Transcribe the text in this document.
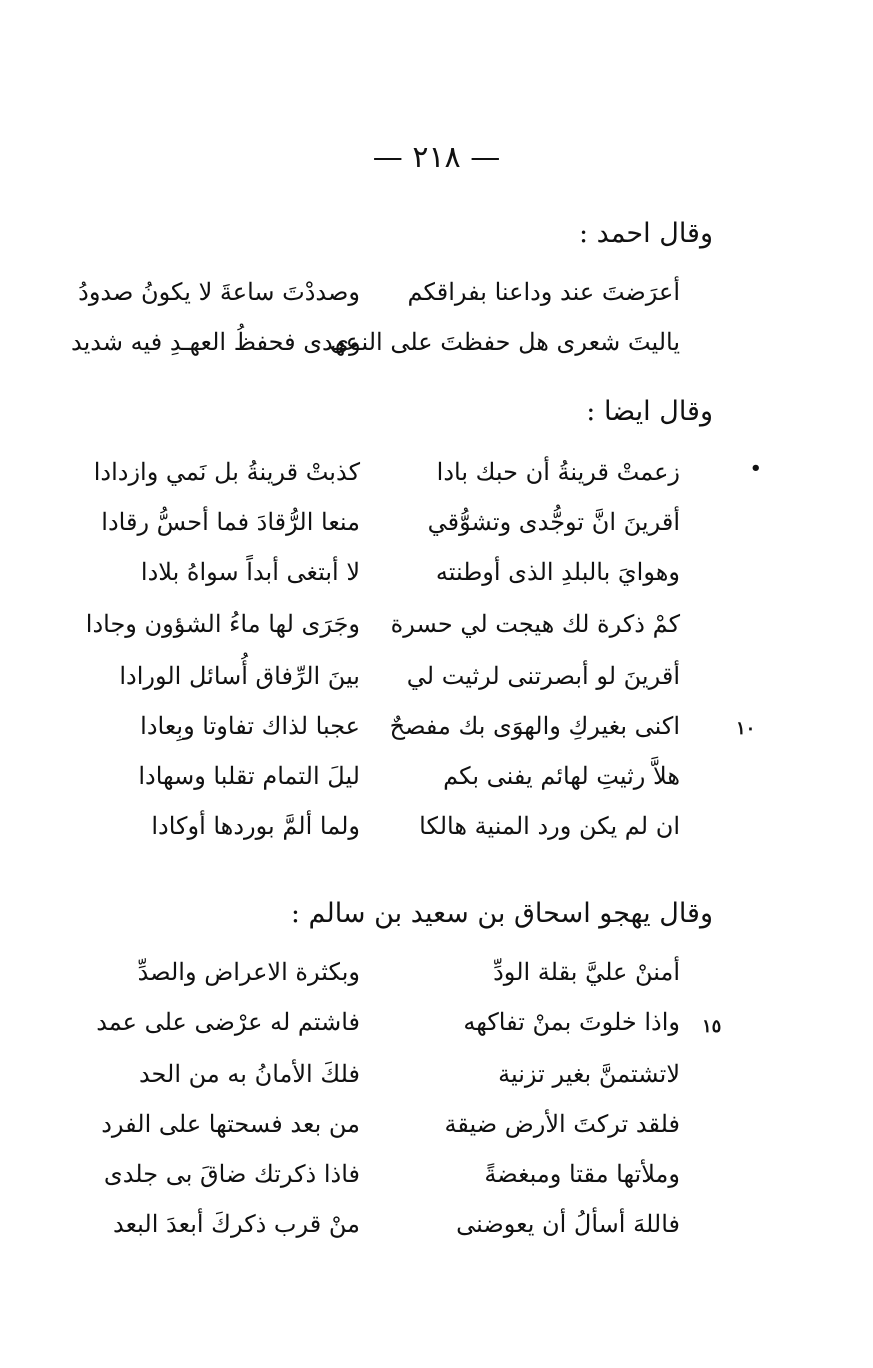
— ٢١٨ —
وقال احمد :
أعرَضتَ عند وداعنا بفراقكم
وصددْتَ ساعةَ لا يكونُ صدودُ
ياليتَ شعرى هل حفظتَ على النوى
عهدى فحفظُ العهـدِ فيه شديد
وقال ايضا :
زعمتْ قرينةُ أن حبك بادا
كذبتْ قرينةُ بل نَمي وازدادا
أقرينَ انَّ توجُّدى وتشوُّقي
منعا الرُّقادَ فما أحسُّ رقادا
وهوايَ بالبلدِ الذى أوطنته
لا أبتغى أبداً سواهُ بلادا
كمْ ذكرة لك هيجت لي حسرة
وجَرَى لها ماءُ الشؤون وجادا
أقرينَ لو أبصرتنى لرثيت لي
بينَ الرِّفاق أُسائل الورادا
اكنى بغيركِ والهوَى بك مفصحٌ
عجبا لذاك تفاوتا وبِعادا
هلاَّ رثيتِ لهائم يفنى بكم
ليلَ التمام تقلبا وسهادا
ان لم يكن ورد المنية هالكا
ولما ألمَّ بوردها أوكادا
وقال يهجو اسحاق بن سعيد بن سالم :
أمننْ عليَّ بقلة الودِّ
وبكثرة الاعراض والصدِّ
واذا خلوتَ بمنْ تفاكهه
فاشتم له عرْضى على عمد
لاتشتمنَّ بغير تزنية
فلكَ الأمانُ به من الحد
فلقد تركتَ الأرض ضيقة
من بعد فسحتها على الفرد
وملأتها مقتا ومبغضةً
فاذا ذكرتك ضاقَ بى جلدى
فاللهَ أسألُ أن يعوضنى
منْ قرب ذكركَ أبعدَ البعد
•
١٠
١٥
